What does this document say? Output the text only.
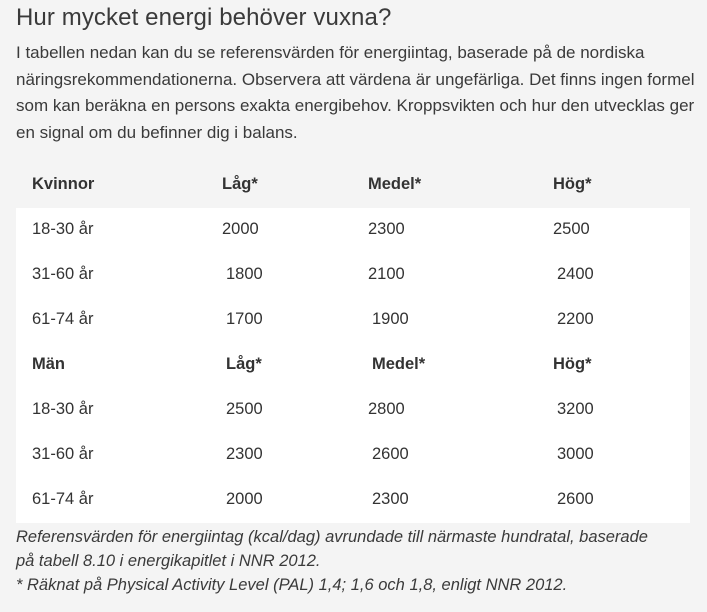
Hur mycket energi behöver vuxna?

I tabellen nedan kan du se referensvärden för energiintag, baserade på de nordiska näringsrekommendationerna. Observera att värdena är ungefärliga. Det finns ingen formel som kan beräkna en persons exakta energibehov. Kroppsvikten och hur den utvecklas ger en signal om du befinner dig i balans.

Kvinnor	Låg*	Medel*	Hög*
18-30 år	2000	2300	2500
31-60 år	1800	2100	2400
61-74 år	1700	1900	2200
Män	Låg*	Medel*	Hög*
18-30 år	2500	2800	3200
31-60 år	2300	2600	3000
61-74 år	2000	2300	2600

Referensvärden för energiintag (kcal/dag) avrundade till närmaste hundratal, baserade
på tabell 8.10 i energikapitlet i NNR 2012.
* Räknat på Physical Activity Level (PAL) 1,4; 1,6 och 1,8, enligt NNR 2012.
